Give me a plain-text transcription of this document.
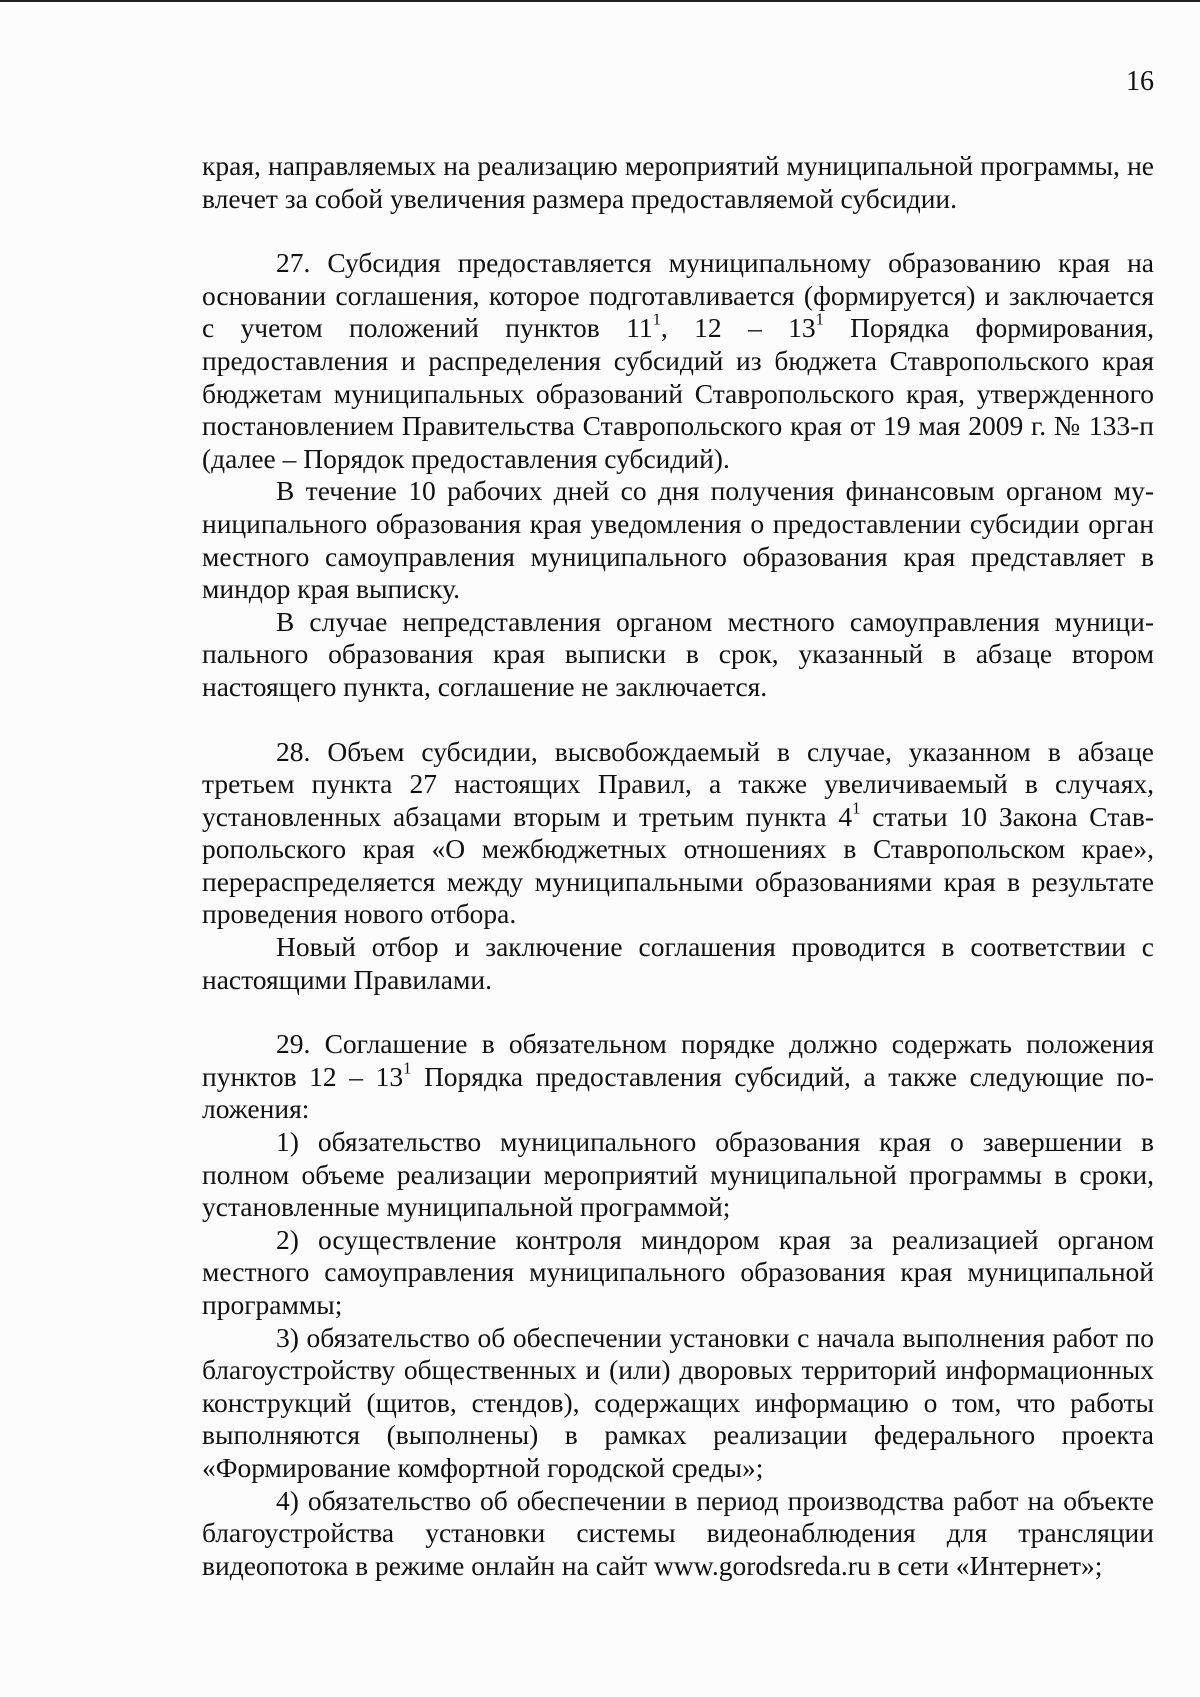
16

края, направляемых на реализацию мероприятий муниципальной программы, не влечет за собой увеличения размера предоставляемой субсидии.

27. Субсидия предоставляется муниципальному образованию края на основании соглашения, которое подготавливается (формируется) и заключается с учетом положений пунктов $11^1$, $12 - 13^1$ Порядка формирования, предоставления и распределения субсидий из бюджета Ставропольского края бюджетам муниципальных образований Ставропольского края, утвержденного постановлением Правительства Ставропольского края от 19 мая 2009 г. № 133-п (далее – Порядок предоставления субсидий).

В течение 10 рабочих дней со дня получения финансовым органом муниципального образования края уведомления о предоставлении субсидии орган местного самоуправления муниципального образования края представляет в миндор края выписку.

В случае непредставления органом местного самоуправления муниципального образования края выписки в срок, указанный в абзаце втором настоящего пункта, соглашение не заключается.

28. Объем субсидии, высвобождаемый в случае, указанном в абзаце третьем пункта 27 настоящих Правил, а также увеличиваемый в случаях, установленных абзацами вторым и третьим пункта $4^1$ статьи 10 Закона Ставропольского края «О межбюджетных отношениях в Ставропольском крае», перераспределяется между муниципальными образованиями края в результате проведения нового отбора.

Новый отбор и заключение соглашения проводится в соответствии с настоящими Правилами.

29. Соглашение в обязательном порядке должно содержать положения пунктов $12 - 13^1$ Порядка предоставления субсидий, а также следующие положения:

1) обязательство муниципального образования края о завершении в полном объеме реализации мероприятий муниципальной программы в сроки, установленные муниципальной программой;

2) осуществление контроля миндором края за реализацией органом местного самоуправления муниципального образования края муниципальной программы;

3) обязательство об обеспечении установки с начала выполнения работ по благоустройству общественных и (или) дворовых территорий информационных конструкций (щитов, стендов), содержащих информацию о том, что работы выполняются (выполнены) в рамках реализации федерального проекта «Формирование комфортной городской среды»;

4) обязательство об обеспечении в период производства работ на объекте благоустройства установки системы видеонаблюдения для трансляции видеопотока в режиме онлайн на сайт www.gorodsreda.ru в сети «Интернет»;
